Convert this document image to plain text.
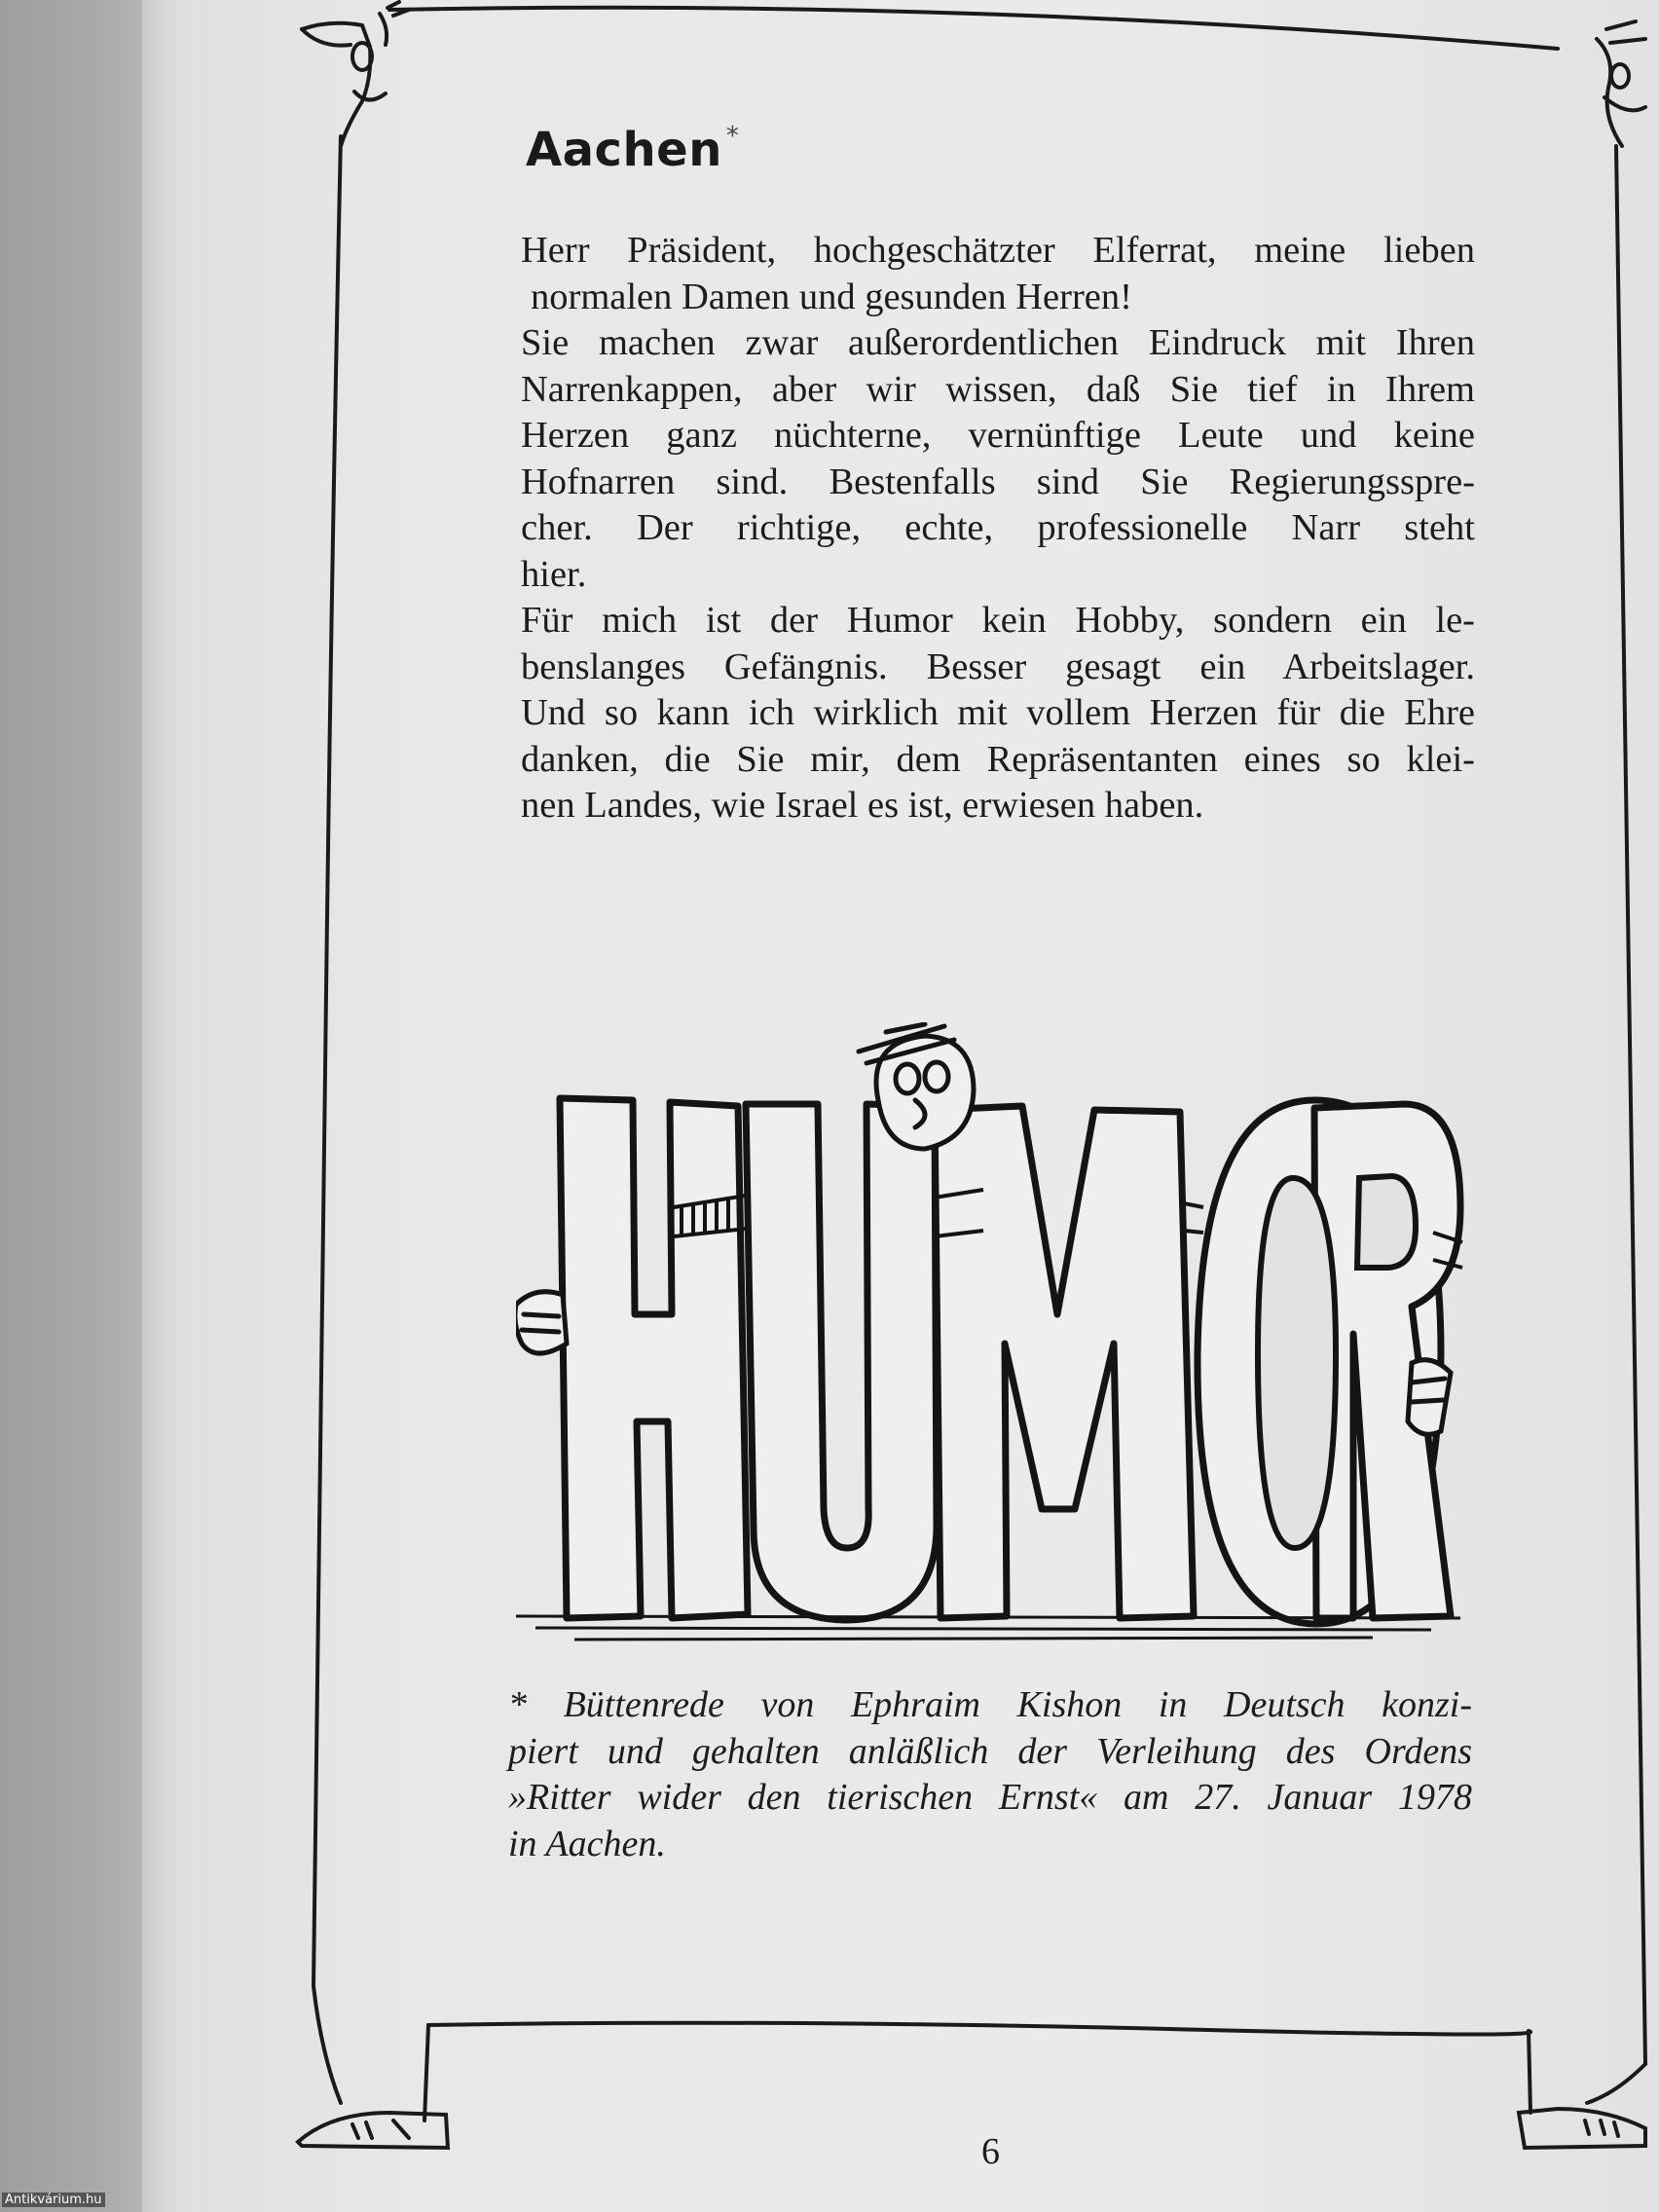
Aachen *
Herr Präsident, hochgeschätzter Elferrat, meine lieben
normalen Damen und gesunden Herren!
Sie machen zwar außerordentlichen Eindruck mit Ihren
Narrenkappen, aber wir wissen, daß Sie tief in Ihrem
Herzen ganz nüchterne, vernünftige Leute und keine
Hofnarren sind. Bestenfalls sind Sie Regierungsspre-
cher. Der richtige, echte, professionelle Narr steht
hier.
Für mich ist der Humor kein Hobby, sondern ein le-
benslanges Gefängnis. Besser gesagt ein Arbeitslager.
Und so kann ich wirklich mit vollem Herzen für die Ehre
danken, die Sie mir, dem Repräsentanten eines so klei-
nen Landes, wie Israel es ist, erwiesen haben.
* Büttenrede von Ephraim Kishon in Deutsch konzi-
piert und gehalten anläßlich der Verleihung des Ordens
»Ritter wider den tierischen Ernst« am 27. Januar 1978
in Aachen.
6
Antikvárium.hu
